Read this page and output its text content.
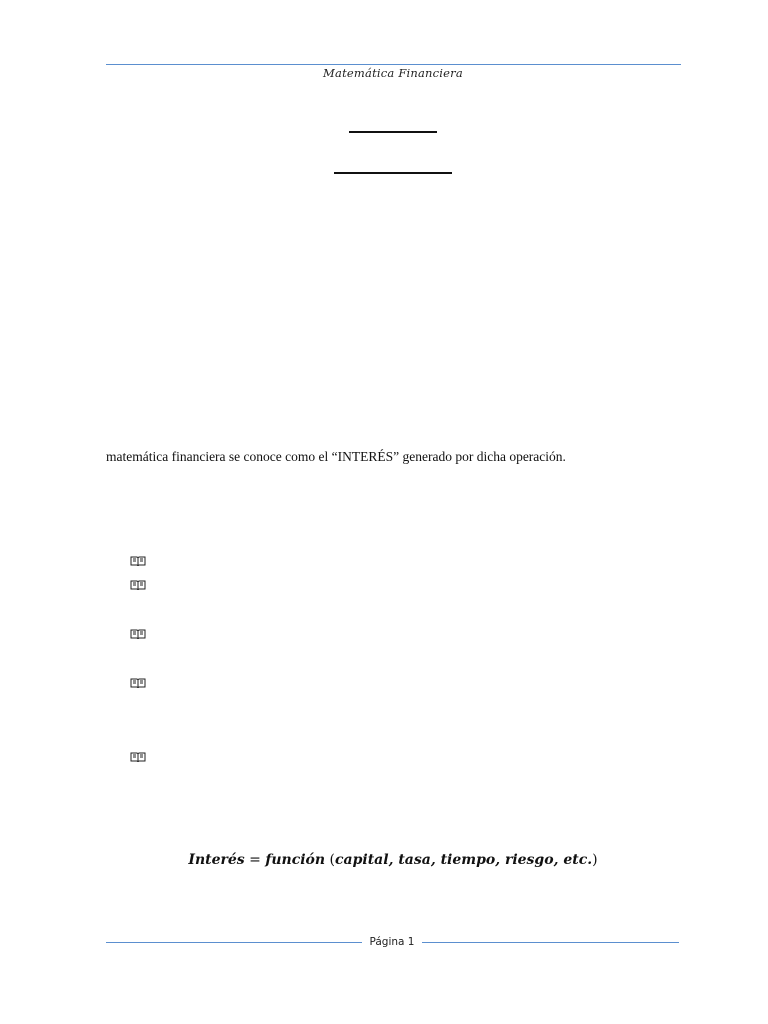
Matemática Financiera
matemática financiera se conoce como el “INTERÉS” generado por dicha operación.
Interés = función (capital, tasa, tiempo, riesgo, etc.)
Página 1
